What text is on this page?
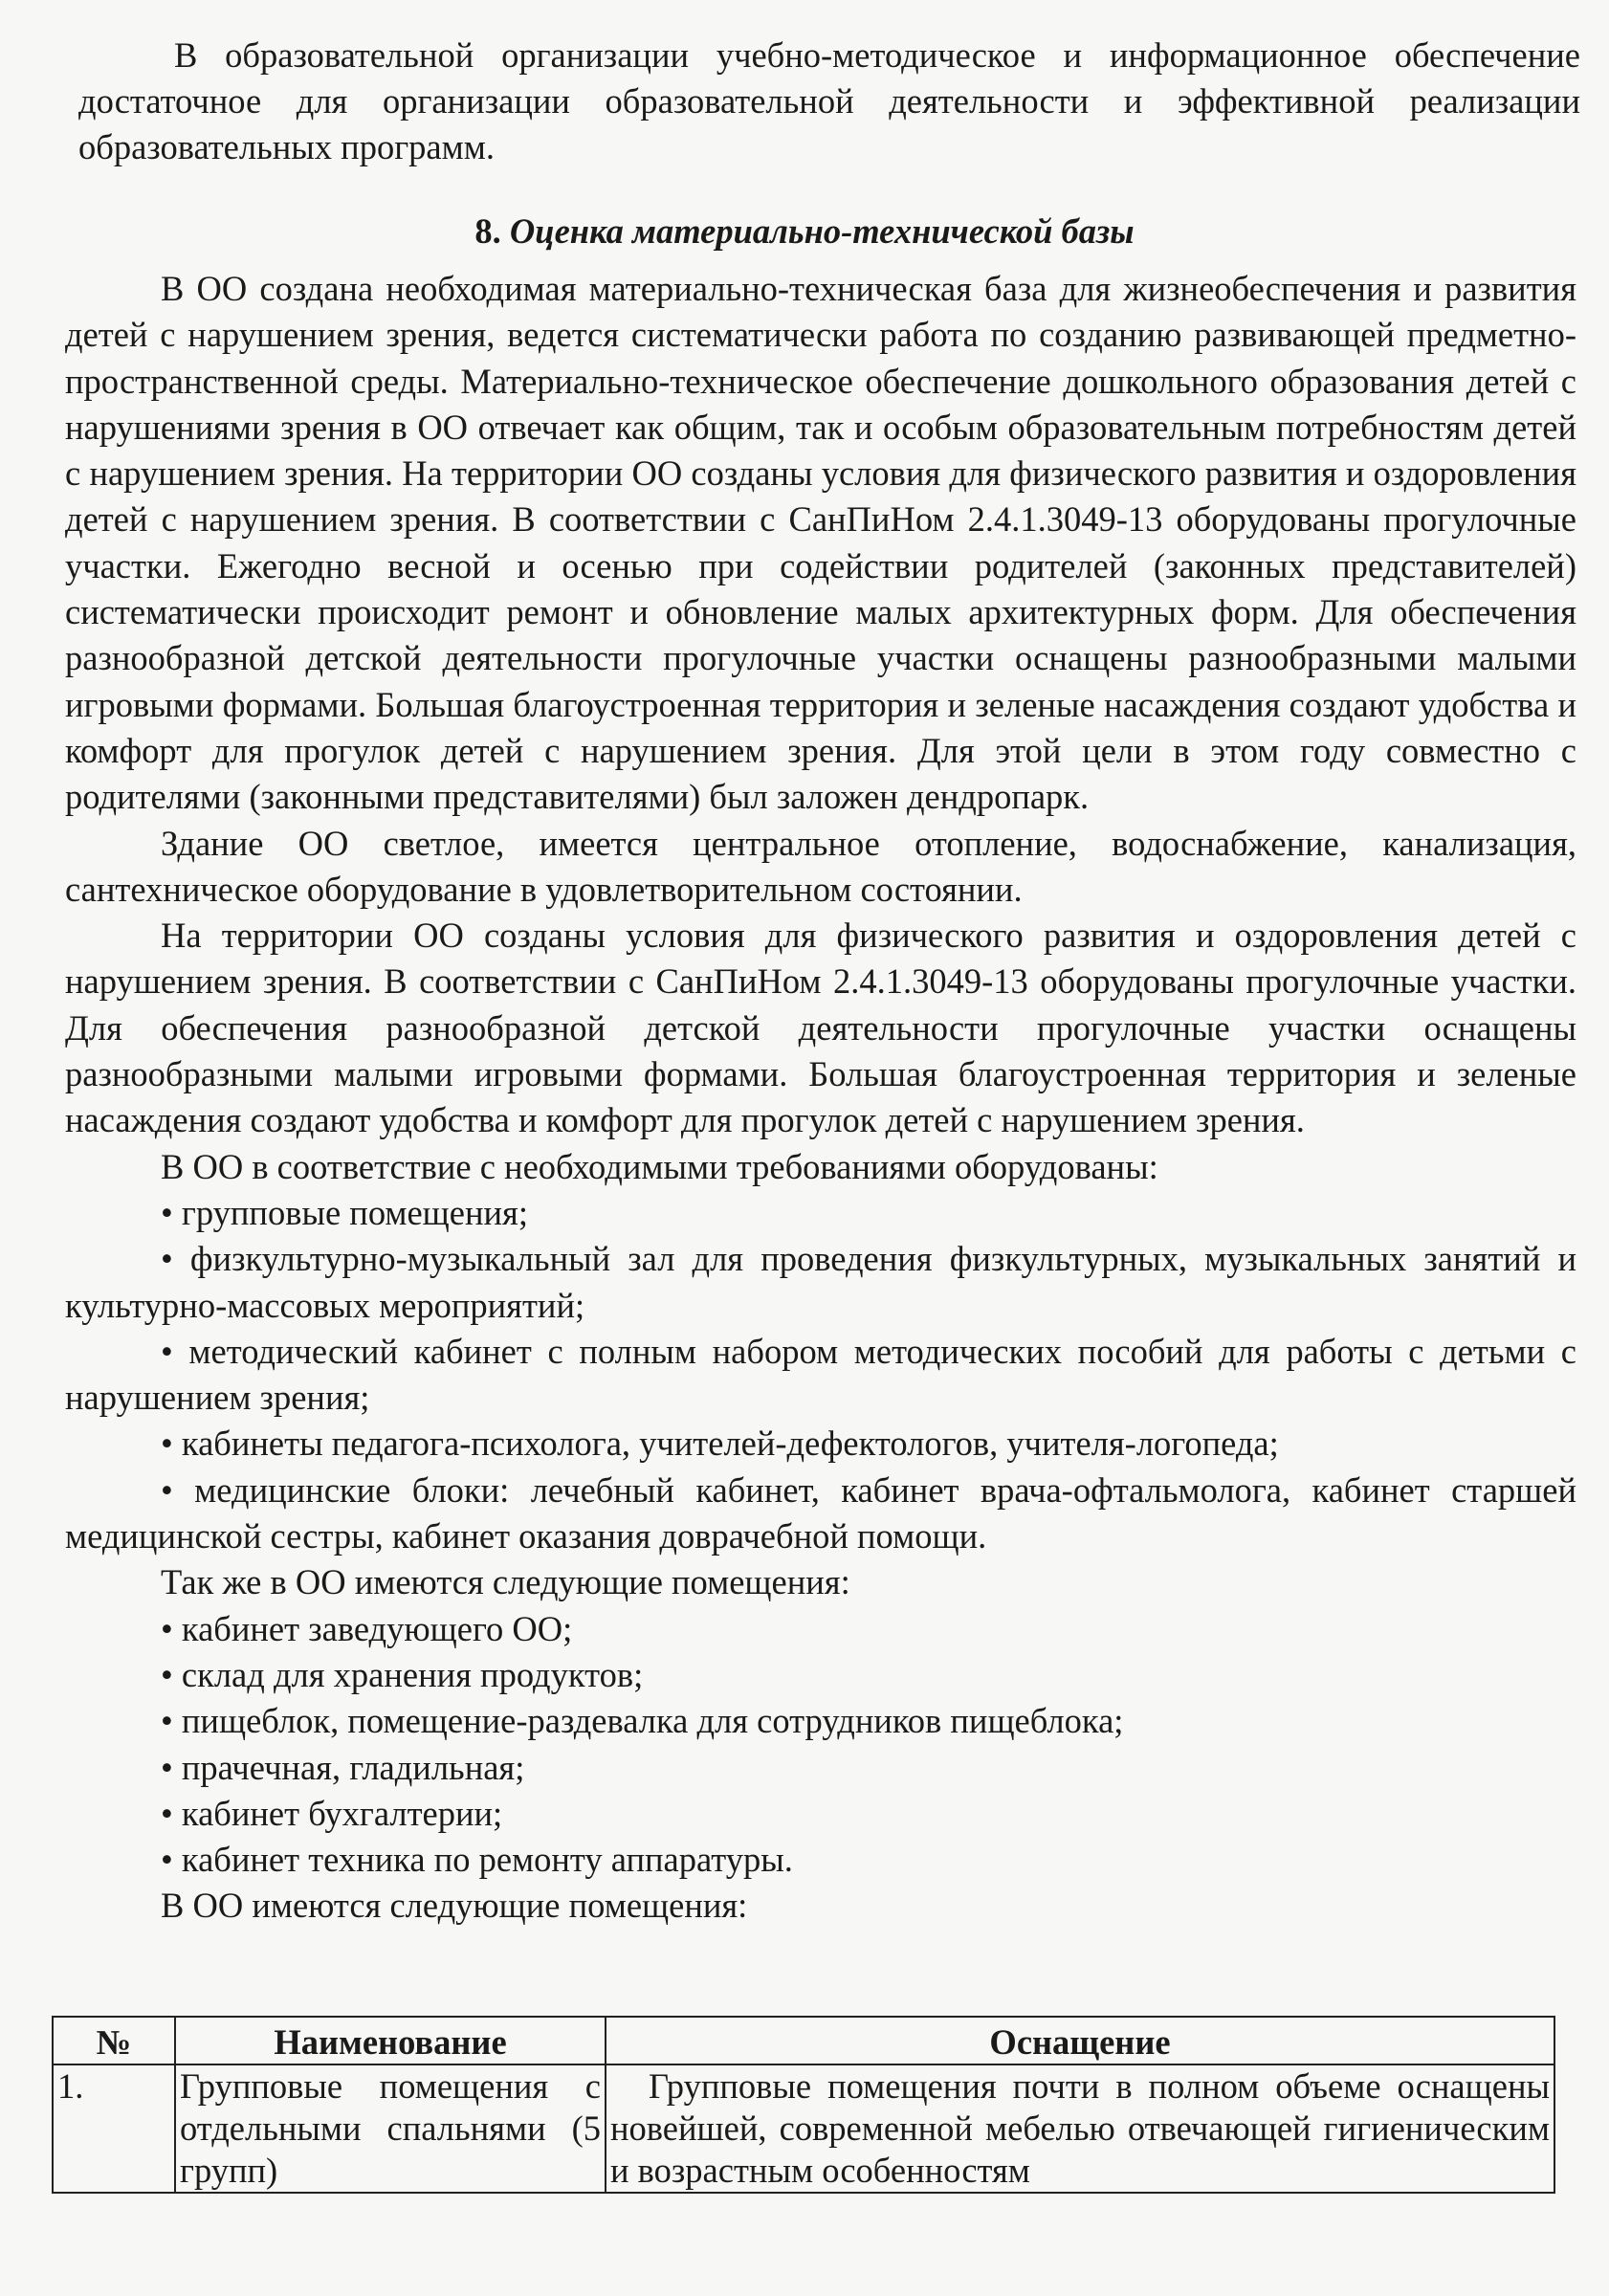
В образовательной организации учебно-методическое и информационное обеспечение достаточное для организации образовательной деятельности и эффективной реализации образовательных программ.

8. Оценка материально-технической базы

В ОО создана необходимая материально-техническая база для жизнеобеспечения и развития детей с нарушением зрения, ведется систематически работа по созданию развивающей предметно-пространственной среды. Материально-техническое обеспечение дошкольного образования детей с нарушениями зрения в ОО отвечает как общим, так и особым образовательным потребностям детей с нарушением зрения. На территории ОО созданы условия для физического развития и оздоровления детей с нарушением зрения. В соответствии с СанПиНом 2.4.1.3049-13 оборудованы прогулочные участки. Ежегодно весной и осенью при содействии родителей (законных представителей) систематически происходит ремонт и обновление малых архитектурных форм. Для обеспечения разнообразной детской деятельности прогулочные участки оснащены разнообразными малыми игровыми формами. Большая благоустроенная территория и зеленые насаждения создают удобства и комфорт для прогулок детей с нарушением зрения. Для этой цели в этом году совместно с родителями (законными представителями) был заложен дендропарк.

Здание ОО светлое, имеется центральное отопление, водоснабжение, канализация, сантехническое оборудование в удовлетворительном состоянии.

На территории ОО созданы условия для физического развития и оздоровления детей с нарушением зрения. В соответствии с СанПиНом 2.4.1.3049-13 оборудованы прогулочные участки. Для обеспечения разнообразной детской деятельности прогулочные участки оснащены разнообразными малыми игровыми формами. Большая благоустроенная территория и зеленые насаждения создают удобства и комфорт для прогулок детей с нарушением зрения.

В ОО в соответствие с необходимыми требованиями оборудованы:

• групповые помещения;
• физкультурно-музыкальный зал для проведения физкультурных, музыкальных занятий и культурно-массовых мероприятий;
• методический кабинет с полным набором методических пособий для работы с детьми с нарушением зрения;
• кабинеты педагога-психолога, учителей-дефектологов, учителя-логопеда;
• медицинские блоки: лечебный кабинет, кабинет врача-офтальмолога, кабинет старшей медицинской сестры, кабинет оказания доврачебной помощи.

Так же в ОО имеются следующие помещения:

• кабинет заведующего ОО;
• склад для хранения продуктов;
• пищеблок, помещение-раздевалка для сотрудников пищеблока;
• прачечная, гладильная;
• кабинет бухгалтерии;
• кабинет техника по ремонту аппаратуры.

В ОО имеются следующие помещения:

№	Наименование	Оснащение
1.	Групповые помещения с отдельными спальнями (5 групп)	Групповые помещения почти в полном объеме оснащены новейшей, современной мебелью отвечающей гигиеническим и возрастным особенностям
